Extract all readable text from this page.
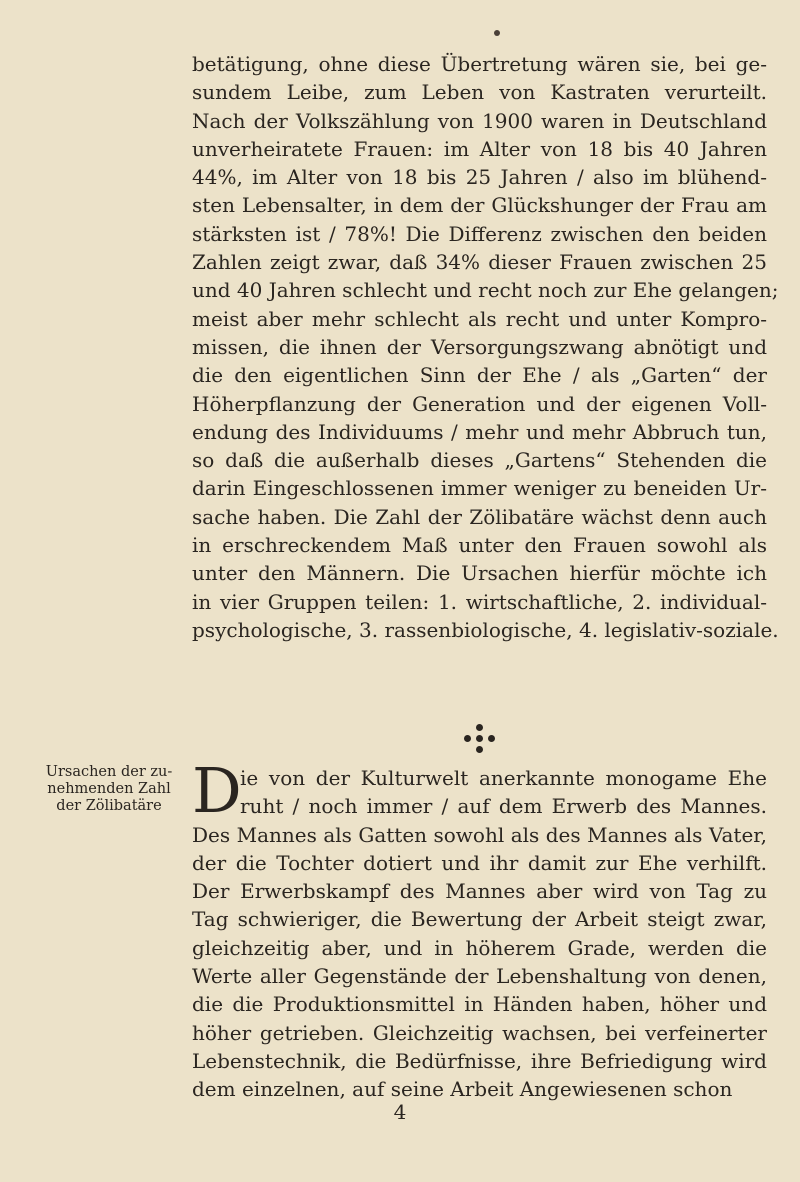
betätigung, ohne diese Übertretung wären sie, bei ge-
sundem Leibe, zum Leben von Kastraten verurteilt.
Nach der Volkszählung von 1900 waren in Deutschland
unverheiratete Frauen: im Alter von 18 bis 40 Jahren
44%, im Alter von 18 bis 25 Jahren / also im blühend-
sten Lebensalter, in dem der Glückshunger der Frau am
stärksten ist / 78%! Die Differenz zwischen den beiden
Zahlen zeigt zwar, daß 34% dieser Frauen zwischen 25
und 40 Jahren schlecht und recht noch zur Ehe gelangen;
meist aber mehr schlecht als recht und unter Kompro-
missen, die ihnen der Versorgungszwang abnötigt und
die den eigentlichen Sinn der Ehe / als „Garten“ der
Höherpflanzung der Generation und der eigenen Voll-
endung des Individuums / mehr und mehr Abbruch tun,
so daß die außerhalb dieses „Gartens“ Stehenden die
darin Eingeschlossenen immer weniger zu beneiden Ur-
sache haben. Die Zahl der Zölibatäre wächst denn auch
in erschreckendem Maß unter den Frauen sowohl als
unter den Männern. Die Ursachen hierfür möchte ich
in vier Gruppen teilen: 1. wirtschaftliche, 2. individual-
psychologische, 3. rassenbiologische, 4. legislativ-soziale.
Ursachen der zu-
nehmenden Zahl
der Zölibatäre D
ie von der Kulturwelt anerkannte monogame Ehe
ruht / noch immer / auf dem Erwerb des Mannes.
Des Mannes als Gatten sowohl als des Mannes als Vater,
der die Tochter dotiert und ihr damit zur Ehe verhilft.
Der Erwerbskampf des Mannes aber wird von Tag zu
Tag schwieriger, die Bewertung der Arbeit steigt zwar,
gleichzeitig aber, und in höherem Grade, werden die
Werte aller Gegenstände der Lebenshaltung von denen,
die die Produktionsmittel in Händen haben, höher und
höher getrieben. Gleichzeitig wachsen, bei verfeinerter
Lebenstechnik, die Bedürfnisse, ihre Befriedigung wird
dem einzelnen, auf seine Arbeit Angewiesenen schon
4
